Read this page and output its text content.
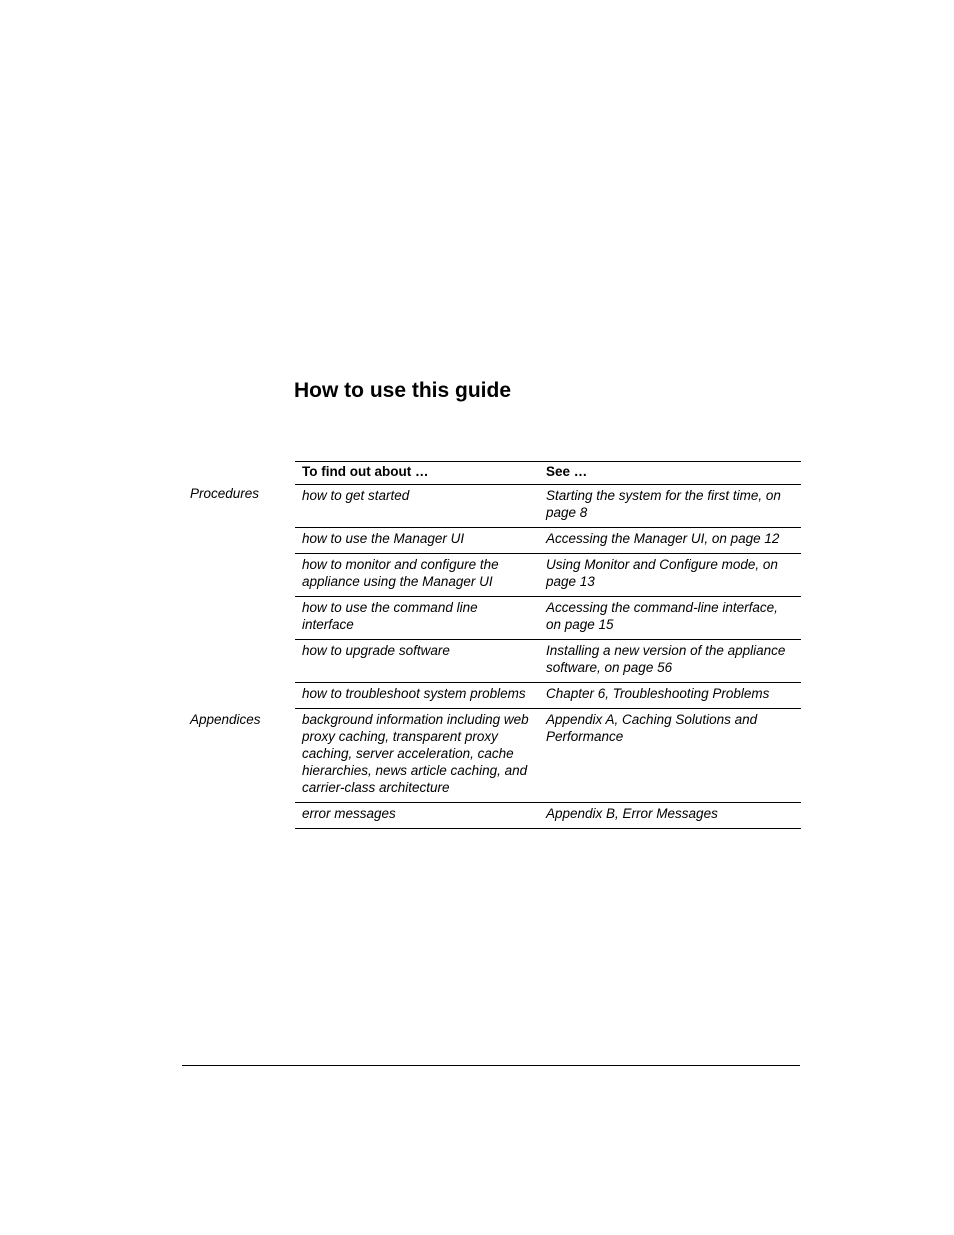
How to use this guide
Procedures
Appendices
To find out about …	See …
how to get started	Starting the system for the first time, on page 8
how to use the Manager UI	Accessing the Manager UI, on page 12
how to monitor and configure the appliance using the Manager UI	Using Monitor and Configure mode, on page 13
how to use the command line interface	Accessing the command-line interface, on page 15
how to upgrade software	Installing a new version of the appliance software, on page 56
how to troubleshoot system problems	Chapter 6, Troubleshooting Problems
background information including web proxy caching, transparent proxy caching, server acceleration, cache hierarchies, news article caching, and carrier-class architecture	Appendix A, Caching Solutions and Performance
error messages	Appendix B, Error Messages
